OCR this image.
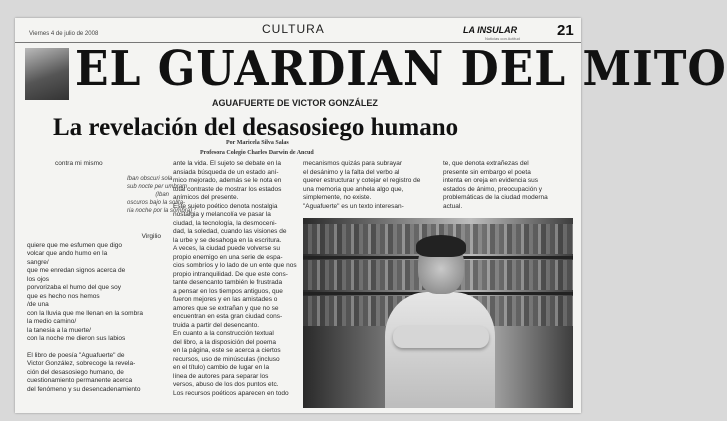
Viernes 4 de julio de 2008	CULTURA	LA INSULAR
Noticias con Actitud 21
EL GUARDIAN DEL MITO
AGUAFUERTE DE VICTOR GONZÁLEZ
La revelación del desasosiego humano
Por Maricela Silva Salas
Profesora Colegio Charles Darwin de Ancud
contra mi mismo
Iban obscuri sola
sub nocte per umbram
(Iban
oscuros bajo la solita-
ria noche por la sombra)

Virgilio

quiere que me esfumen que digo

volcar que ando humo en la

sangre/

que me enredan signos acerca de

los ojos

porvorizaba el humo del que soy

que es hecho nos hemos

/de una

con la lluvia que me llenan en la sombra

la medio camino/

la tanesia a la muerte/

con la noche me dieron sus labios

El libro de poesía "Aguafuerte" de

Victor González, sobrecoge la revela-

ción del desasosiego humano, de

cuestionamiento permanente acerca

del fenómeno y su desencadenamiento

ante la vida. El sujeto se debate en la

ansiada búsqueda de un estado aní-

mico mejorado, además se le nota en

total contraste de mostrar los estados

anímicos del presente.

Este sujeto poético denota nostalgia

nostalgia y melancolía ve pasar la

ciudad, la tecnología, la desmoceni-

dad, la soledad, cuando las visiones de

la urbe y se desahoga en la escritura.

A veces, la ciudad puede volverse su

propio enemigo en una serie de espa-

cios sombríos y lo lado de un ente que nos

propio intranquilidad. De que este cons-

tante desencanto también le frustrada

a pensar en los tiempos antiguos, que

fueron mejores y en las amistades o

amores que se extrañan y que no se

encuentran en esta gran ciudad cons-

truida a partir del desencanto.

En cuanto a la construcción textual

del libro, a la disposición del poema

en la página, este se acerca a ciertos

recursos, uso de minúsculas (incluso

en el título) cambio de lugar en la

línea de autores para separar los

versos, abuso de los dos puntos etc.

Los recursos poéticos aparecen en todo

mecanismos quizás para subrayar

el desánimo y la falta del verbo al

querer estructurar y cotejar el registro de

una memoria que anhela algo que,

simplemente, no existe.

"Aguafuerte" es un texto interesan-

te, que denota extrañezas del

presente sin embargo el poeta

intenta en oreja en evidencia sus

estados de ánimo, preocupación y

problemáticas de la ciudad moderna

actual.
